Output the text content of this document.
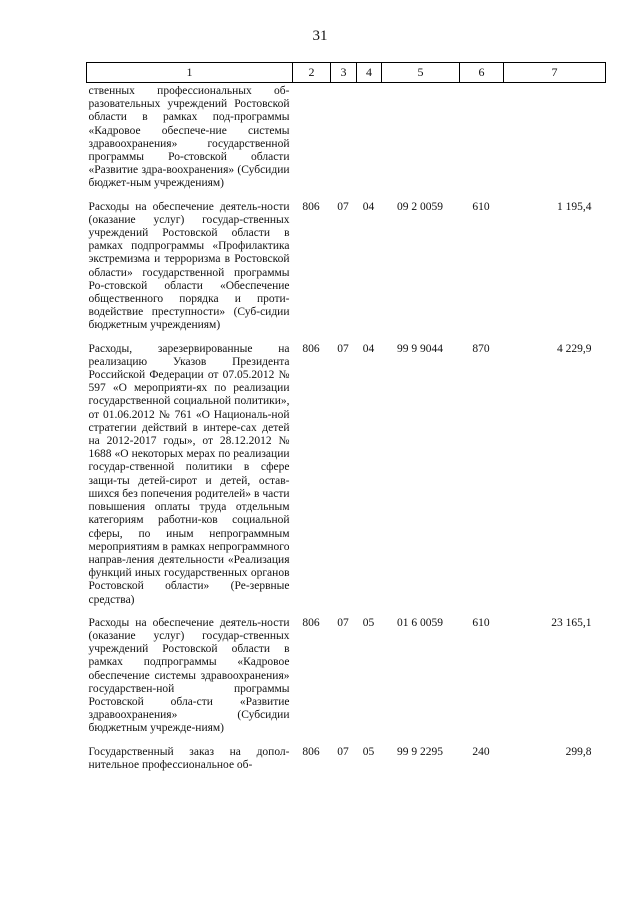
31
1	2	3	4	5	6	7
ственных профессиональных об-разовательных учреждений Ростовской области в рамках под-программы «Кадровое обеспече-ние системы здравоохранения» государственной программы Ро-стовской области «Развитие здра-воохранения» (Субсидии бюджет-ным учреждениям)						
Расходы на обеспечение деятель-ности (оказание услуг) государ-ственных учреждений Ростовской области в рамках подпрограммы «Профилактика экстремизма и терроризма в Ростовской области» государственной программы Ро-стовской области «Обеспечение общественного порядка и проти-водействие преступности» (Суб-сидии бюджетным учреждениям)	806	07	04	09 2 0059	610	1 195,4
Расходы, зарезервированные на реализацию Указов Президента Российской Федерации от 07.05.2012 № 597 «О мероприяти-ях по реализации государственной социальной политики», от 01.06.2012 № 761 «О Националь-ной стратегии действий в интере-сах детей на 2012-2017 годы», от 28.12.2012 № 1688 «О некоторых мерах по реализации государ-ственной политики в сфере защи-ты детей-сирот и детей, остав-шихся без попечения родителей» в части повышения оплаты труда отдельным категориям работни-ков социальной сферы, по иным непрограммным мероприятиям в рамках непрограммного направ-ления деятельности «Реализация функций иных государственных органов Ростовской области» (Ре-зервные средства)	806	07	04	99 9 9044	870	4 229,9
Расходы на обеспечение деятель-ности (оказание услуг) государ-ственных учреждений Ростовской области в рамках подпрограммы «Кадровое обеспечение системы здравоохранения» государствен-ной программы Ростовской обла-сти «Развитие здравоохранения» (Субсидии бюджетным учрежде-ниям)	806	07	05	01 6 0059	610	23 165,1
Государственный заказ на допол-нительное профессиональное об-	806	07	05	99 9 2295	240	299,8
